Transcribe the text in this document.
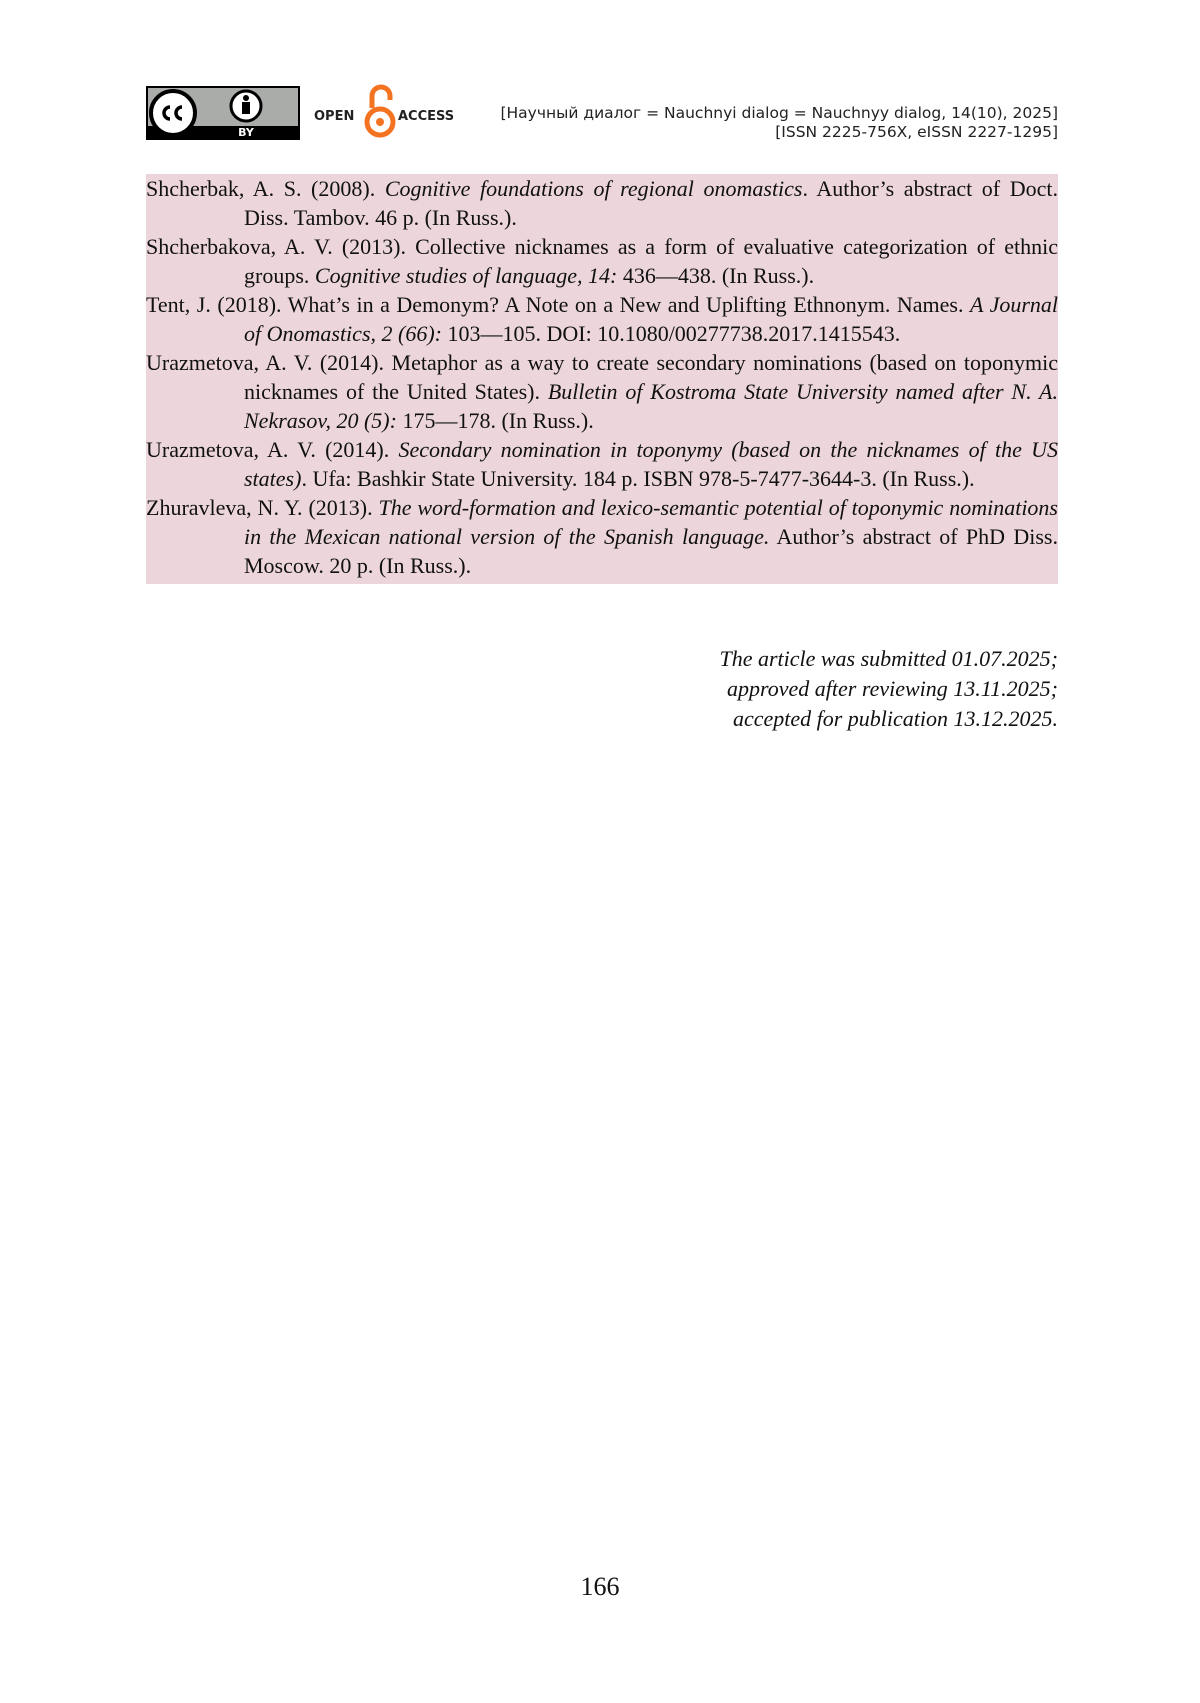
BY
OPEN	ACCESS	[Научный диалог = Nauchnyi dialog = Nauchnyy dialog, 14(10), 2025]
[ISSN 2225-756X, eISSN 2227-1295]

Shcherbak, A. S. (2008). Cognitive foundations of regional onomastics. Author’s abstract of Doct. Diss. Tambov. 46 p. (In Russ.).

Shcherbakova, A. V. (2013). Collective nicknames as a form of evaluative categorization of ethnic groups. Cognitive studies of language, 14: 436—438. (In Russ.).

Tent, J. (2018). What’s in a Demonym? A Note on a New and Uplifting Ethnonym. Names. A Journal of Onomastics, 2 (66): 103—105. DOI: 10.1080/00277738.2017.1415543.

Urazmetova, A. V. (2014). Metaphor as a way to create secondary nominations (based on toponymic nicknames of the United States). Bulletin of Kostroma State University named after N. A. Nekrasov, 20 (5): 175—178. (In Russ.).

Urazmetova, A. V. (2014). Secondary nomination in toponymy (based on the nicknames of the US states). Ufa: Bashkir State University. 184 p. ISBN 978-5-7477-3644-3. (In Russ.).

Zhuravleva, N. Y. (2013). The word-formation and lexico-semantic potential of toponymic nominations in the Mexican national version of the Spanish language. Author’s abstract of PhD Diss. Moscow. 20 p. (In Russ.).

The article was submitted 01.07.2025;
approved after reviewing 13.11.2025;
accepted for publication 13.12.2025.
166
